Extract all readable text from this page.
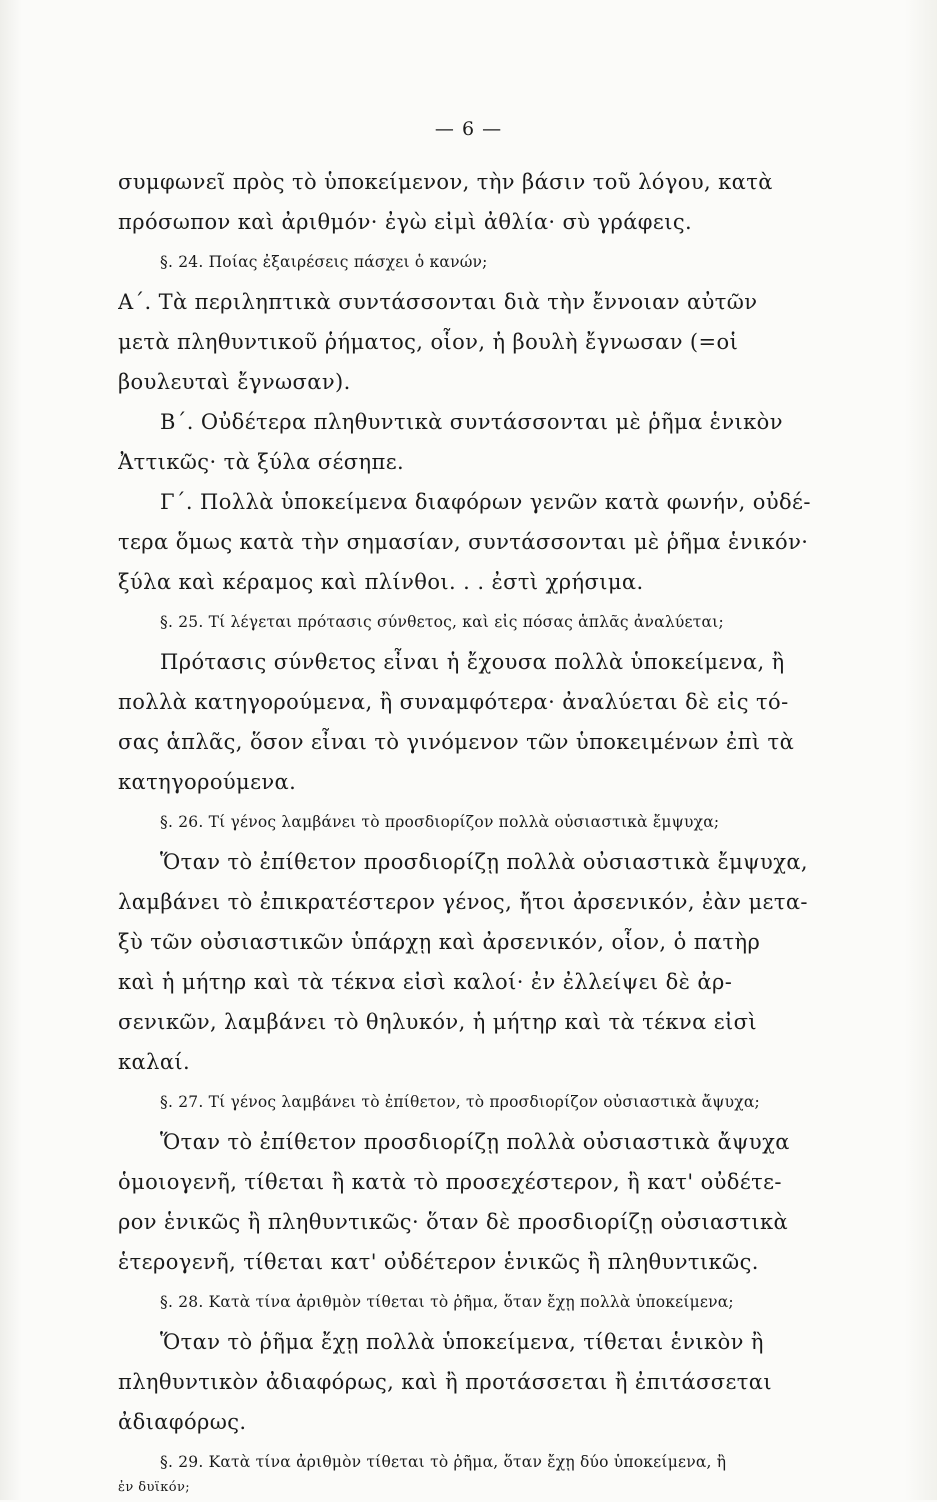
— 6 —
συμφωνεῖ πρὸς τὸ ὑποκείμενον, τὴν βάσιν τοῦ λόγου, κατὰ
πρόσωπον καὶ ἀριθμόν· ἐγὼ εἰμὶ ἀθλία· σὺ γράφεις.
§. 24. Ποίας ἐξαιρέσεις πάσχει ὁ κανών;
Α΄. Τὰ περιληπτικὰ συντάσσονται διὰ τὴν ἔννοιαν αὐτῶν
μετὰ πληθυντικοῦ ῥήματος, οἷον, ἡ βουλὴ ἔγνωσαν (=οἱ
βουλευταὶ ἔγνωσαν).
Β΄. Οὐδέτερα πληθυντικὰ συντάσσονται μὲ ῥῆμα ἑνικὸν
Ἀττικῶς· τὰ ξύλα σέσηπε.
Γ΄. Πολλὰ ὑποκείμενα διαφόρων γενῶν κατὰ φωνήν, οὐδέ-
τερα ὅμως κατὰ τὴν σημασίαν, συντάσσονται μὲ ῥῆμα ἑνικόν·
ξύλα καὶ κέραμος καὶ πλίνθοι. . . ἐστὶ χρήσιμα.
§. 25. Τί λέγεται πρότασις σύνθετος, καὶ εἰς πόσας ἁπλᾶς ἀναλύεται;
Πρότασις σύνθετος εἶναι ἡ ἔχουσα πολλὰ ὑποκείμενα, ἢ
πολλὰ κατηγορούμενα, ἢ συναμφότερα· ἀναλύεται δὲ εἰς τό-
σας ἁπλᾶς, ὅσον εἶναι τὸ γινόμενον τῶν ὑποκειμένων ἐπὶ τὰ
κατηγορούμενα.
§. 26. Τί γένος λαμβάνει τὸ προσδιορίζον πολλὰ οὐσιαστικὰ ἔμψυχα;
Ὅταν τὸ ἐπίθετον προσδιορίζῃ πολλὰ οὐσιαστικὰ ἔμψυχα,
λαμβάνει τὸ ἐπικρατέστερον γένος, ἤτοι ἀρσενικόν, ἐὰν μετα-
ξὺ τῶν οὐσιαστικῶν ὑπάρχῃ καὶ ἀρσενικόν, οἷον, ὁ πατὴρ
καὶ ἡ μήτηρ καὶ τὰ τέκνα εἰσὶ καλοί· ἐν ἐλλείψει δὲ ἀρ-
σενικῶν, λαμβάνει τὸ θηλυκόν, ἡ μήτηρ καὶ τὰ τέκνα εἰσὶ
καλαί.
§. 27. Τί γένος λαμβάνει τὸ ἐπίθετον, τὸ προσδιορίζον οὐσιαστικὰ ἄψυχα;
Ὅταν τὸ ἐπίθετον προσδιορίζῃ πολλὰ οὐσιαστικὰ ἄψυχα
ὁμοιογενῆ, τίθεται ἢ κατὰ τὸ προσεχέστερον, ἢ κατ' οὐδέτε-
ρον ἑνικῶς ἢ πληθυντικῶς· ὅταν δὲ προσδιορίζῃ οὐσιαστικὰ
ἑτερογενῆ, τίθεται κατ' οὐδέτερον ἑνικῶς ἢ πληθυντικῶς.
§. 28. Κατὰ τίνα ἀριθμὸν τίθεται τὸ ῥῆμα, ὅταν ἔχῃ πολλὰ ὑποκείμενα;
Ὅταν τὸ ῥῆμα ἔχῃ πολλὰ ὑποκείμενα, τίθεται ἑνικὸν ἢ
πληθυντικὸν ἀδιαφόρως, καὶ ἢ προτάσσεται ἢ ἐπιτάσσεται
ἀδιαφόρως.
§. 29. Κατὰ τίνα ἀριθμὸν τίθεται τὸ ῥῆμα, ὅταν ἔχῃ δύο ὑποκείμενα, ἢ
ἐν δυϊκόν;
